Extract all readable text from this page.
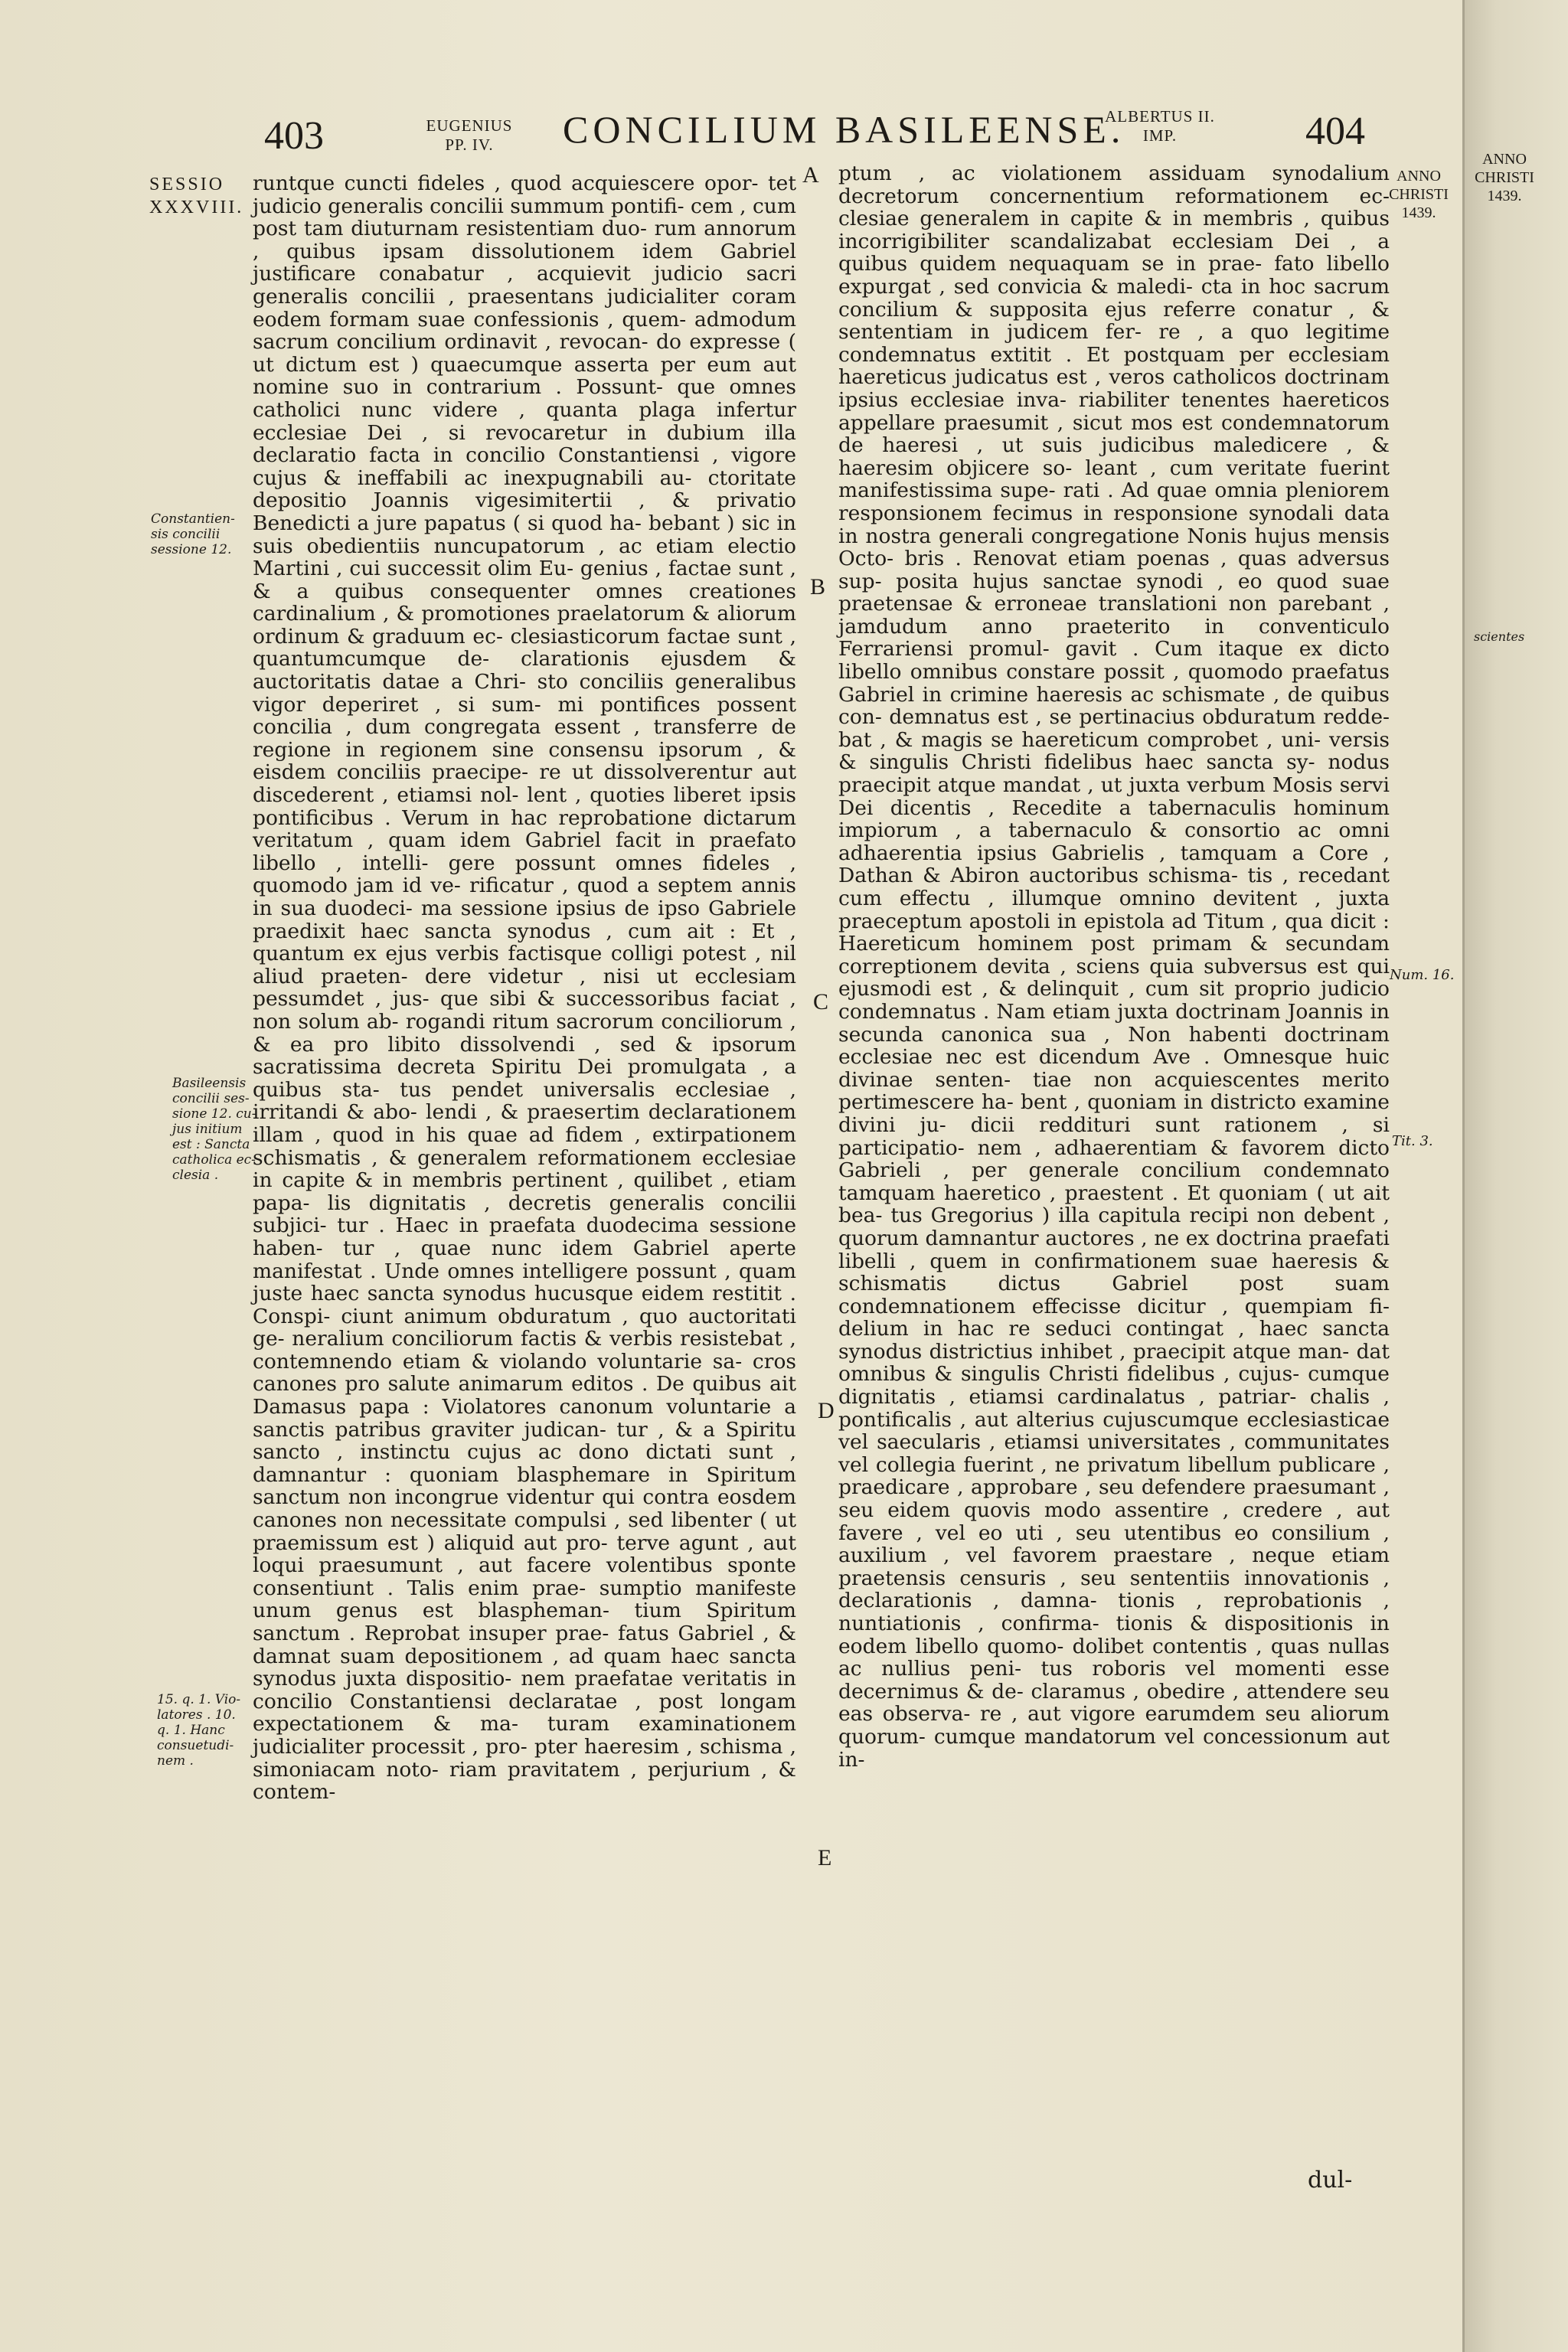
403	EUGENIUS
PP. IV.	CONCILIUM BASILEENSE.
ALBERTUS II.
IMP.	404
SESSIO
XXXVIII.
Constantien- sis concilii sessione 12.
Basileensis concilii ses- sione 12. cu- jus initium est : Sancta catholica ec- clesia .
15. q. 1. Vio- latores . 10. q. 1. Hanc consuetudi- nem .

runtque cuncti fideles , quod acquiescere opor- tet judicio generalis concilii summum pontifi- cem , cum post tam diuturnam resistentiam duo- rum annorum , quibus ipsam dissolutionem idem Gabriel justificare conabatur , acquievit judicio sacri generalis concilii , praesentans judicialiter coram eodem formam suae confessionis , quem- admodum sacrum concilium ordinavit , revocan- do expresse ( ut dictum est ) quaecumque asserta per eum aut nomine suo in contrarium . Possunt- que omnes catholici nunc videre , quanta plaga infertur ecclesiae Dei , si revocaretur in dubium illa declaratio facta in concilio Constantiensi , vigore cujus & ineffabili ac inexpugnabili au- ctoritate depositio Joannis vigesimitertii , & privatio Benedicti a jure papatus ( si quod ha- bebant ) sic in suis obedientiis nuncupatorum , ac etiam electio Martini , cui successit olim Eu- genius , factae sunt , & a quibus consequenter omnes creationes cardinalium , & promotiones praelatorum & aliorum ordinum & graduum ec- clesiasticorum factae sunt , quantumcumque de- clarationis ejusdem & auctoritatis datae a Chri- sto conciliis generalibus vigor deperiret , si sum- mi pontifices possent concilia , dum congregata essent , transferre de regione in regionem sine consensu ipsorum , & eisdem conciliis praecipe- re ut dissolverentur aut discederent , etiamsi nol- lent , quoties liberet ipsis pontificibus . Verum in hac reprobatione dictarum veritatum , quam idem Gabriel facit in praefato libello , intelli- gere possunt omnes fideles , quomodo jam id ve- rificatur , quod a septem annis in sua duodeci- ma sessione ipsius de ipso Gabriele praedixit haec sancta synodus , cum ait : Et , quantum ex ejus verbis factisque colligi potest , nil aliud praeten- dere videtur , nisi ut ecclesiam pessumdet , jus- que sibi & successoribus faciat , non solum ab- rogandi ritum sacrorum conciliorum , & ea pro libito dissolvendi , sed & ipsorum sacratissima decreta Spiritu Dei promulgata , a quibus sta- tus pendet universalis ecclesiae , irritandi & abo- lendi , & praesertim declarationem illam , quod in his quae ad fidem , extirpationem schismatis , & generalem reformationem ecclesiae in capite & in membris pertinent , quilibet , etiam papa- lis dignitatis , decretis generalis concilii subjici- tur . Haec in praefata duodecima sessione haben- tur , quae nunc idem Gabriel aperte manifestat . Unde omnes intelligere possunt , quam juste haec sancta synodus hucusque eidem restitit . Conspi- ciunt animum obduratum , quo auctoritati ge- neralium conciliorum factis & verbis resistebat , contemnendo etiam & violando voluntarie sa- cros canones pro salute animarum editos . De quibus ait Damasus papa : Violatores canonum voluntarie a sanctis patribus graviter judican- tur , & a Spiritu sancto , instinctu cujus ac dono dictati sunt , damnantur : quoniam blasphemare in Spiritum sanctum non incongrue videntur qui contra eosdem canones non necessitate compulsi , sed libenter ( ut praemissum est ) aliquid aut pro- terve agunt , aut loqui praesumunt , aut facere volentibus sponte consentiunt . Talis enim prae- sumptio manifeste unum genus est blaspheman- tium Spiritum sanctum . Reprobat insuper prae- fatus Gabriel , & damnat suam depositionem , ad quam haec sancta synodus juxta dispositio- nem praefatae veritatis in concilio Constantiensi declaratae , post longam expectationem & ma- turam examinationem judicialiter processit , pro- pter haeresim , schisma , simoniacam noto- riam pravitatem , perjurium , & contem-

A
B
C
D
E

ptum , ac violationem assiduam synodalium decretorum concernentium reformationem ec- clesiae generalem in capite & in membris , quibus incorrigibiliter scandalizabat ecclesiam Dei , a quibus quidem nequaquam se in prae- fato libello expurgat , sed convicia & maledi- cta in hoc sacrum concilium & supposita ejus referre conatur , & sententiam in judicem fer- re , a quo legitime condemnatus extitit . Et postquam per ecclesiam haereticus judicatus est , veros catholicos doctrinam ipsius ecclesiae inva- riabiliter tenentes haereticos appellare praesumit , sicut mos est condemnatorum de haeresi , ut suis judicibus maledicere , & haeresim objicere so- leant , cum veritate fuerint manifestissima supe- rati . Ad quae omnia pleniorem responsionem fecimus in responsione synodali data in nostra generali congregatione Nonis hujus mensis Octo- bris . Renovat etiam poenas , quas adversus sup- posita hujus sanctae synodi , eo quod suae praetensae & erroneae translationi non parebant , jamdudum anno praeterito in conventiculo Ferrariensi promul- gavit . Cum itaque ex dicto libello omnibus constare possit , quomodo praefatus Gabriel in crimine haeresis ac schismate , de quibus con- demnatus est , se pertinacius obduratum redde- bat , & magis se haereticum comprobet , uni- versis & singulis Christi fidelibus haec sancta sy- nodus praecipit atque mandat , ut juxta verbum Mosis servi Dei dicentis , Recedite a tabernaculis hominum impiorum , a tabernaculo & consortio ac omni adhaerentia ipsius Gabrielis , tamquam a Core , Dathan & Abiron auctoribus schisma- tis , recedant cum effectu , illumque omnino devitent , juxta praeceptum apostoli in epistola ad Titum , qua dicit : Haereticum hominem post primam & secundam correptionem devita , sciens quia subversus est qui ejusmodi est , & delinquit , cum sit proprio judicio condemnatus . Nam etiam juxta doctrinam Joannis in secunda canonica sua , Non habenti doctrinam ecclesiae nec est dicendum Ave . Omnesque huic divinae senten- tiae non acquiescentes merito pertimescere ha- bent , quoniam in districto examine divini ju- dicii reddituri sunt rationem , si participatio- nem , adhaerentiam & favorem dicto Gabrieli , per generale concilium condemnato tamquam haeretico , praestent . Et quoniam ( ut ait bea- tus Gregorius ) illa capitula recipi non debent , quorum damnantur auctores , ne ex doctrina praefati libelli , quem in confirmationem suae haeresis & schismatis dictus Gabriel post suam condemnationem effecisse dicitur , quempiam fi- delium in hac re seduci contingat , haec sancta synodus districtius inhibet , praecipit atque man- dat omnibus & singulis Christi fidelibus , cujus- cumque dignitatis , etiamsi cardinalatus , patriar- chalis , pontificalis , aut alterius cujuscumque ecclesiasticae vel saecularis , etiamsi universitates , communitates vel collegia fuerint , ne privatum libellum publicare , praedicare , approbare , seu defendere praesumant , seu eidem quovis modo assentire , credere , aut favere , vel eo uti , seu utentibus eo consilium , auxilium , vel favorem praestare , neque etiam praetensis censuris , seu sententiis innovationis , declarationis , damna- tionis , reprobationis , nuntiationis , confirma- tionis & dispositionis in eodem libello quomo- dolibet contentis , quas nullas ac nullius peni- tus roboris vel momenti esse decernimus & de- claramus , obedire , attendere seu eas observa- re , aut vigore earumdem seu aliorum quorum- cumque mandatorum vel concessionum aut in-

ANNO
CHRISTI
1439.
Num. 16.
Tit. 3.
dul-
ANNO
CHRISTI
1439.
scientes
